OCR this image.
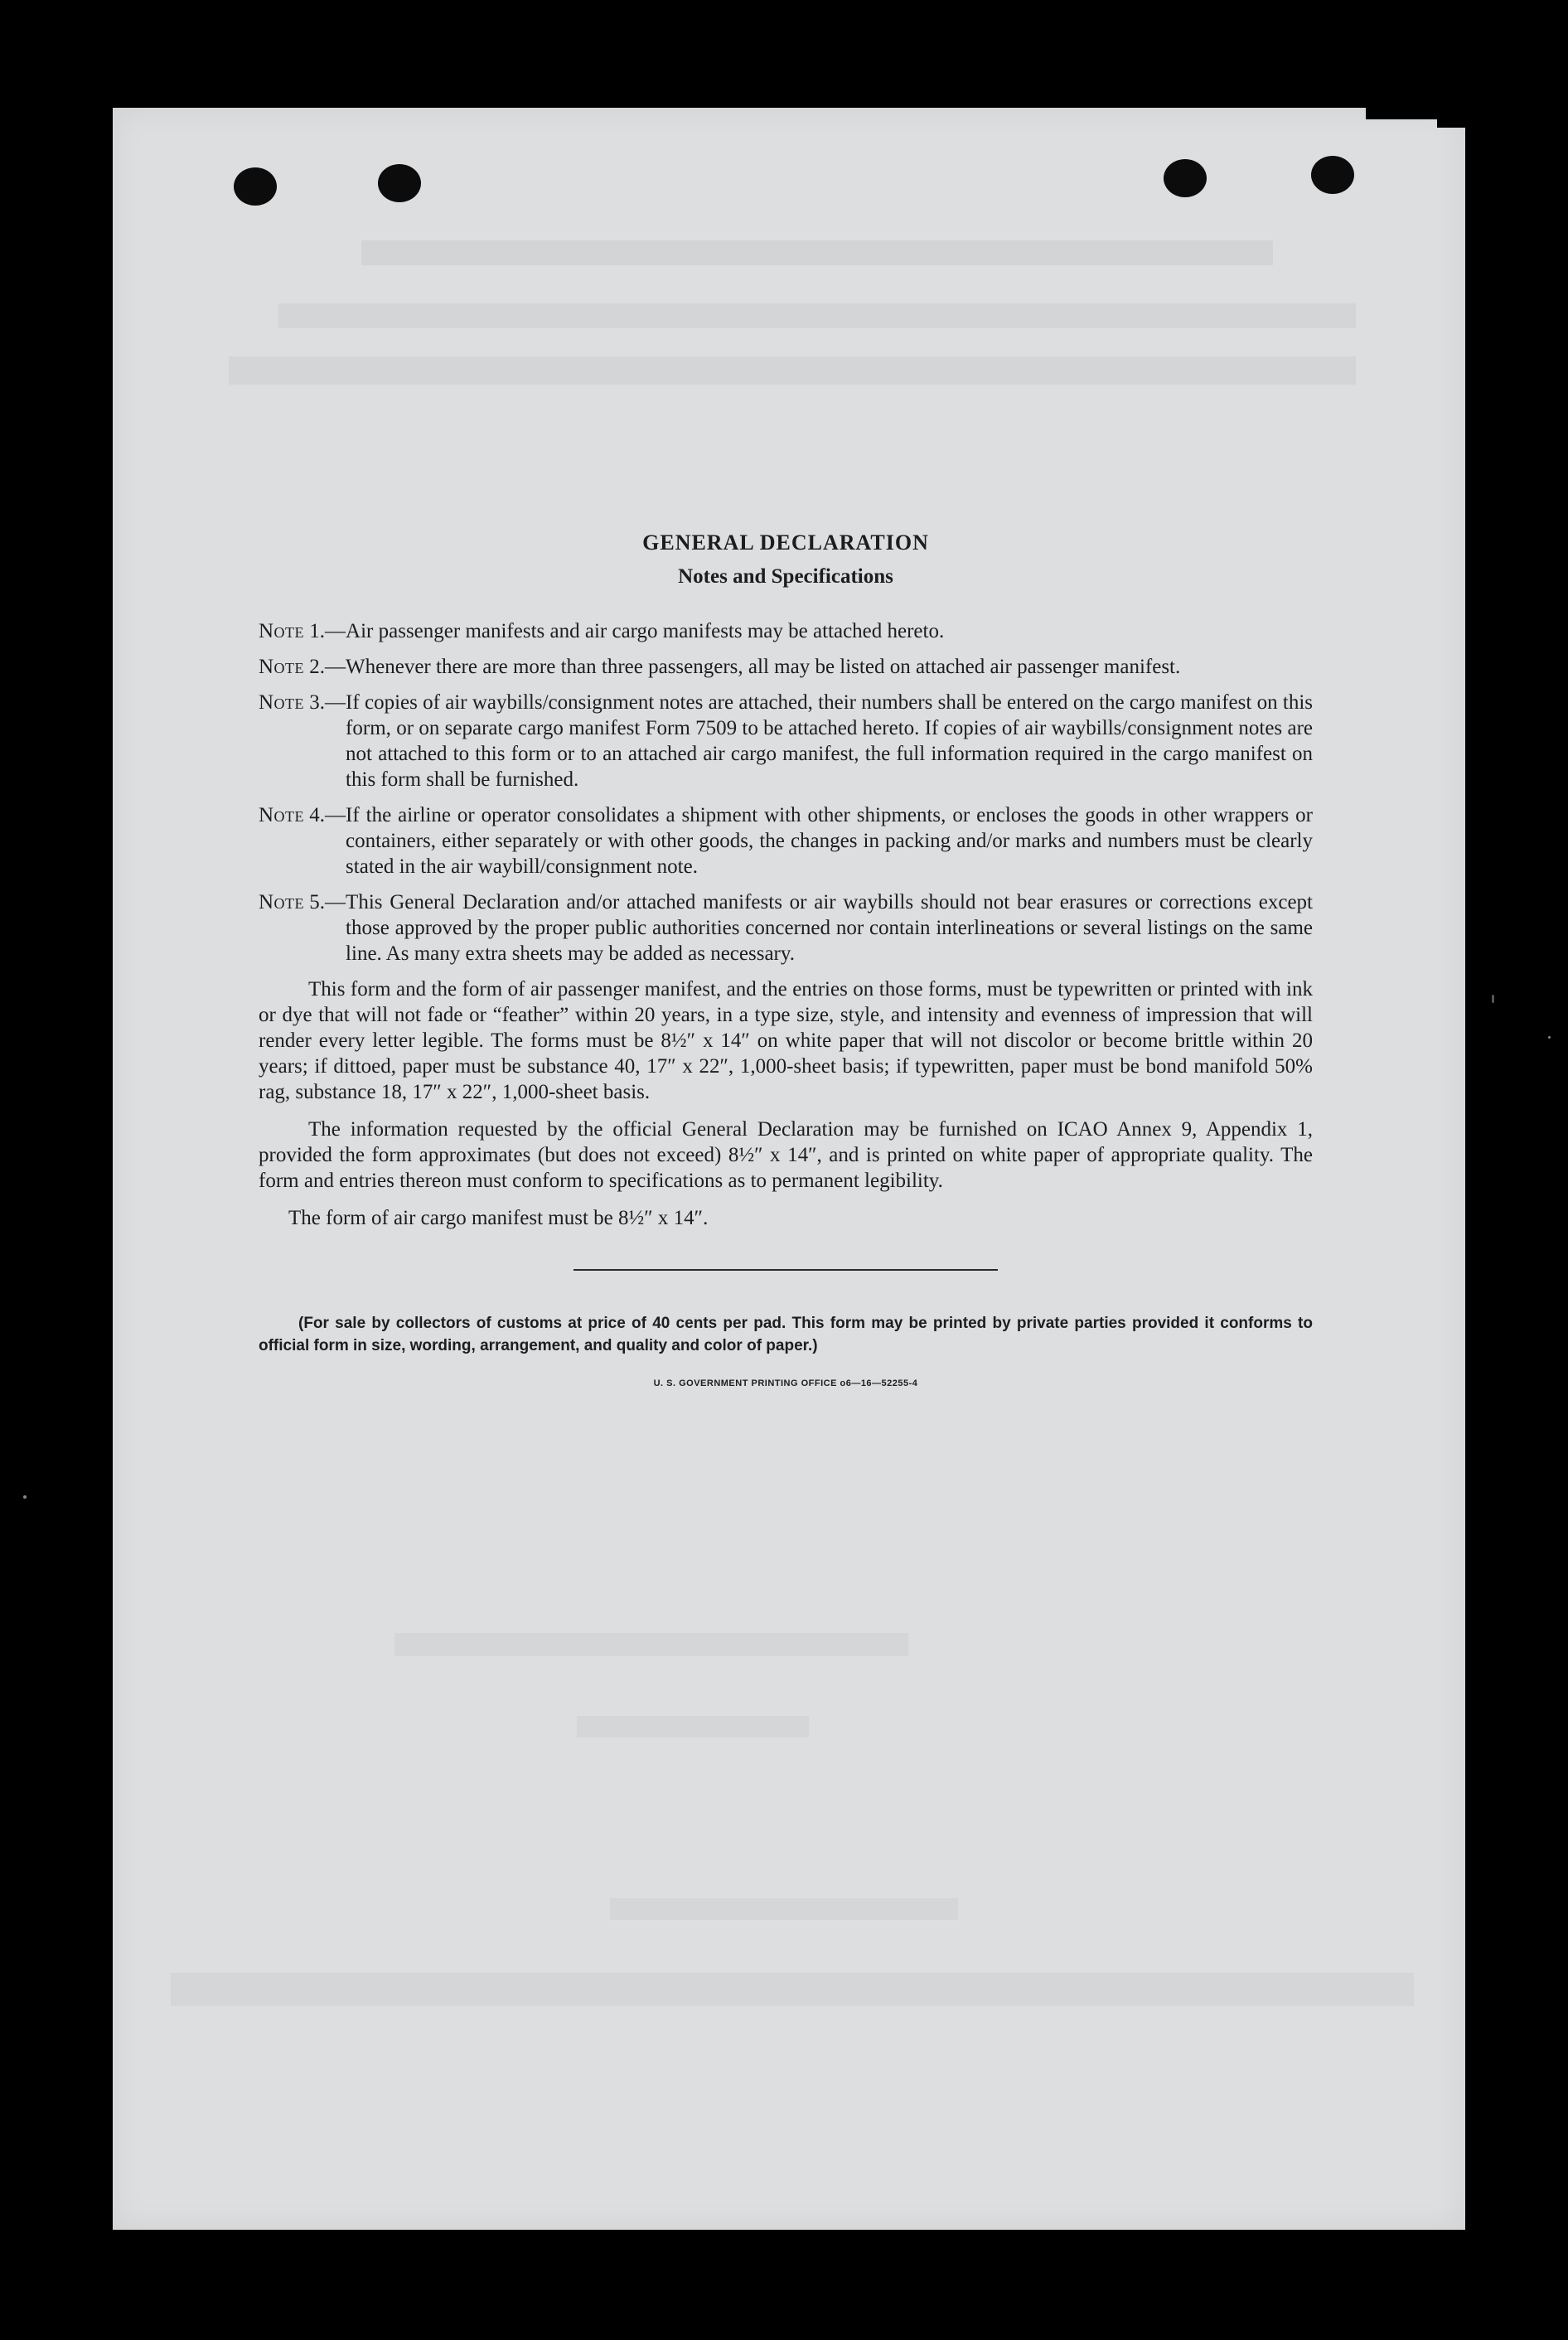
GENERAL DECLARATION
Notes and Specifications
Note 1.— Air passenger manifests and air cargo manifests may be attached hereto.
Note 2.— Whenever there are more than three passengers, all may be listed on attached air passenger manifest.
Note 3.— If copies of air waybills/consignment notes are attached, their numbers shall be entered on the cargo manifest on this form, or on separate cargo manifest Form 7509 to be attached hereto. If copies of air waybills/consignment notes are not attached to this form or to an attached air cargo manifest, the full information required in the cargo manifest on this form shall be furnished.
Note 4.— If the airline or operator consolidates a shipment with other shipments, or encloses the goods in other wrappers or containers, either separately or with other goods, the changes in packing and/or marks and numbers must be clearly stated in the air waybill/consignment note.
Note 5.— This General Declaration and/or attached manifests or air waybills should not bear erasures or corrections except those approved by the proper public authorities concerned nor contain interlineations or several listings on the same line. As many extra sheets may be added as necessary.

This form and the form of air passenger manifest, and the entries on those forms, must be typewritten or printed with ink or dye that will not fade or “feather” within 20 years, in a type size, style, and intensity and evenness of impression that will render every letter legible. The forms must be 8½″ x 14″ on white paper that will not discolor or become brittle within 20 years; if dittoed, paper must be substance 40, 17″ x 22″, 1,000-sheet basis; if typewritten, paper must be bond manifold 50% rag, substance 18, 17″ x 22″, 1,000-sheet basis.

The information requested by the official General Declaration may be furnished on ICAO Annex 9, Appendix 1, provided the form approximates (but does not exceed) 8½″ x 14″, and is printed on white paper of appropriate quality. The form and entries thereon must conform to specifications as to permanent legibility.

The form of air cargo manifest must be 8½″ x 14″.

(For sale by collectors of customs at price of 40 cents per pad. This form may be printed by private parties provided it conforms to official form in size, wording, arrangement, and quality and color of paper.)

U. S. GOVERNMENT PRINTING OFFICE o6—16—52255-4
